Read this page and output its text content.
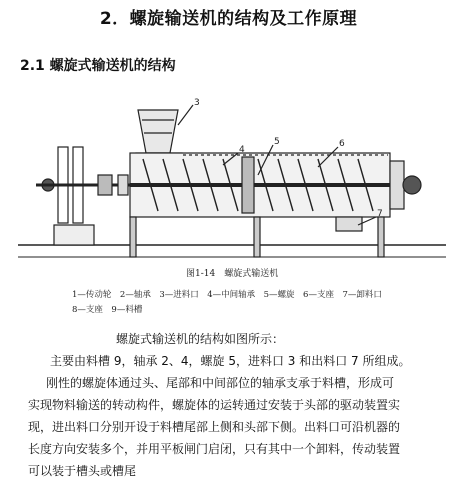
2．螺旋输送机的结构及工作原理
2.1 螺旋式输送机的结构
3
4
5	6
7
图1-14　螺旋式输送机
1—传动轮　2—轴承　3—进料口　4—中间轴承　5—螺旋　6—支座　7—卸料口
8—支座　9—料槽
螺旋式输送机的结构如图所示：
主要由料槽 9，轴承 2、4，螺旋 5，进料口 3 和出料口 7 所组成。
刚性的螺旋体通过头、尾部和中间部位的轴承支承于料槽，形成可
实现物料输送的转动构件，螺旋体的运转通过安装于头部的驱动装置实
现，进出料口分别开设于料槽尾部上侧和头部下侧。出料口可沿机器的
长度方向安装多个，并用平板闸门启闭，只有其中一个卸料，传动装置
可以装于槽头或槽尾
